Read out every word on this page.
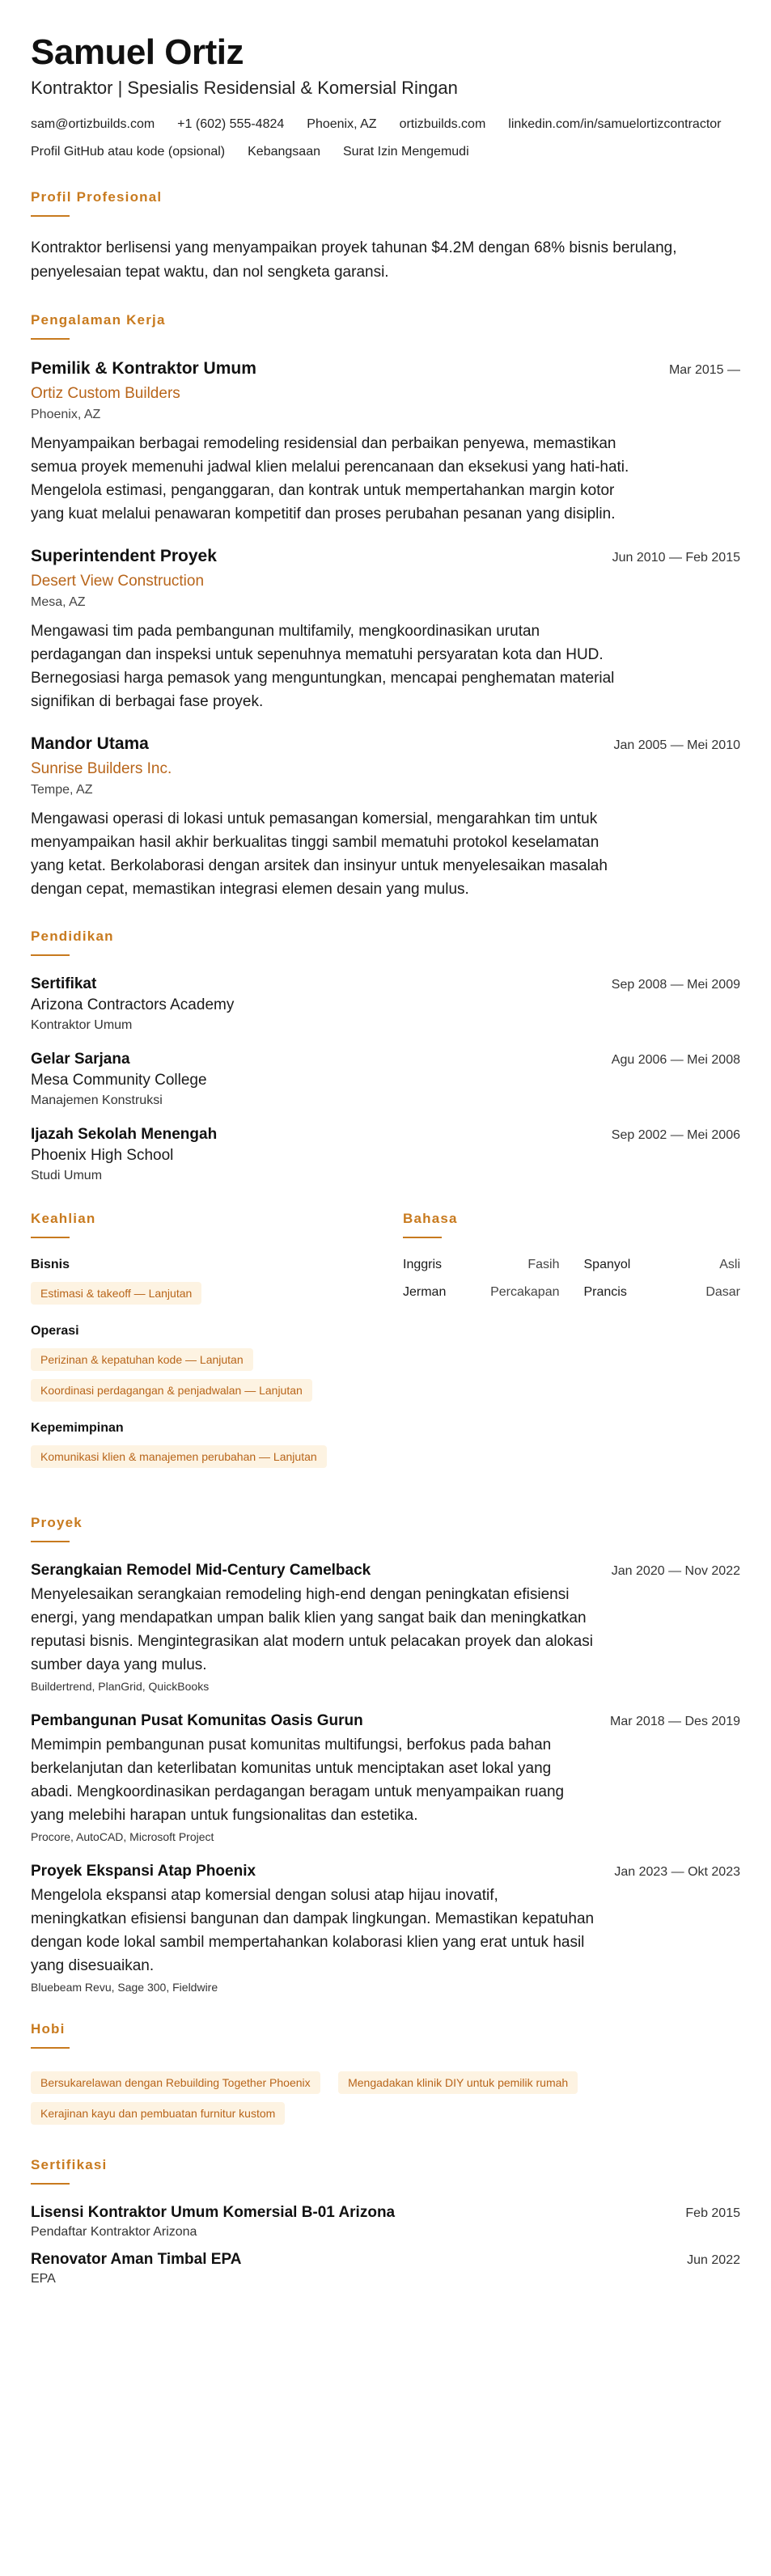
Samuel Ortiz
Kontraktor | Spesialis Residensial & Komersial Ringan
sam@ortizbuilds.com +1 (602) 555-4824 Phoenix, AZ ortizbuilds.com linkedin.com/in/samuelortizcontractor
Profil GitHub atau kode (opsional) Kebangsaan Surat Izin Mengemudi
Profil Profesional

Kontraktor berlisensi yang menyampaikan proyek tahunan $4.2M dengan 68% bisnis berulang, penyelesaian tepat waktu, dan nol sengketa garansi.

Pengalaman Kerja
Pemilik & Kontraktor Umum	Mar 2015 —
Ortiz Custom Builders
Phoenix, AZ

Menyampaikan berbagai remodeling residensial dan perbaikan penyewa, memastikan semua proyek memenuhi jadwal klien melalui perencanaan dan eksekusi yang hati-hati. Mengelola estimasi, penganggaran, dan kontrak untuk mempertahankan margin kotor yang kuat melalui penawaran kompetitif dan proses perubahan pesanan yang disiplin.

Superintendent Proyek	Jun 2010 — Feb 2015
Desert View Construction
Mesa, AZ

Mengawasi tim pada pembangunan multifamily, mengkoordinasikan urutan perdagangan dan inspeksi untuk sepenuhnya mematuhi persyaratan kota dan HUD. Bernegosiasi harga pemasok yang menguntungkan, mencapai penghematan material signifikan di berbagai fase proyek.

Mandor Utama	Jan 2005 — Mei 2010
Sunrise Builders Inc.
Tempe, AZ

Mengawasi operasi di lokasi untuk pemasangan komersial, mengarahkan tim untuk menyampaikan hasil akhir berkualitas tinggi sambil mematuhi protokol keselamatan yang ketat. Berkolaborasi dengan arsitek dan insinyur untuk menyelesaikan masalah dengan cepat, memastikan integrasi elemen desain yang mulus.

Pendidikan
Sertifikat	Sep 2008 — Mei 2009
Arizona Contractors Academy
Kontraktor Umum
Gelar Sarjana	Agu 2006 — Mei 2008
Mesa Community College
Manajemen Konstruksi
Ijazah Sekolah Menengah	Sep 2002 — Mei 2006
Phoenix High School
Studi Umum
Keahlian
Bisnis
Estimasi & takeoff — Lanjutan
Operasi
Perizinan & kepatuhan kode — Lanjutan
Koordinasi perdagangan & penjadwalan — Lanjutan
Kepemimpinan
Komunikasi klien & manajemen perubahan — Lanjutan
Bahasa
Inggris	Fasih Spanyol	Asli
Jerman	Percakapan Prancis	Dasar
Proyek
Serangkaian Remodel Mid-Century Camelback	Jan 2020 — Nov 2022

Menyelesaikan serangkaian remodeling high-end dengan peningkatan efisiensi energi, yang mendapatkan umpan balik klien yang sangat baik dan meningkatkan reputasi bisnis. Mengintegrasikan alat modern untuk pelacakan proyek dan alokasi sumber daya yang mulus.

Buildertrend, PlanGrid, QuickBooks
Pembangunan Pusat Komunitas Oasis Gurun	Mar 2018 — Des 2019

Memimpin pembangunan pusat komunitas multifungsi, berfokus pada bahan berkelanjutan dan keterlibatan komunitas untuk menciptakan aset lokal yang abadi. Mengkoordinasikan perdagangan beragam untuk menyampaikan ruang yang melebihi harapan untuk fungsionalitas dan estetika.

Procore, AutoCAD, Microsoft Project
Proyek Ekspansi Atap Phoenix	Jan 2023 — Okt 2023

Mengelola ekspansi atap komersial dengan solusi atap hijau inovatif, meningkatkan efisiensi bangunan dan dampak lingkungan. Memastikan kepatuhan dengan kode lokal sambil mempertahankan kolaborasi klien yang erat untuk hasil yang disesuaikan.

Bluebeam Revu, Sage 300, Fieldwire
Hobi
Bersukarelawan dengan Rebuilding Together Phoenix	Mengadakan klinik DIY untuk pemilik rumah
Kerajinan kayu dan pembuatan furnitur kustom
Sertifikasi
Lisensi Kontraktor Umum Komersial B-01 Arizona	Feb 2015
Pendaftar Kontraktor Arizona
Renovator Aman Timbal EPA	Jun 2022
EPA
